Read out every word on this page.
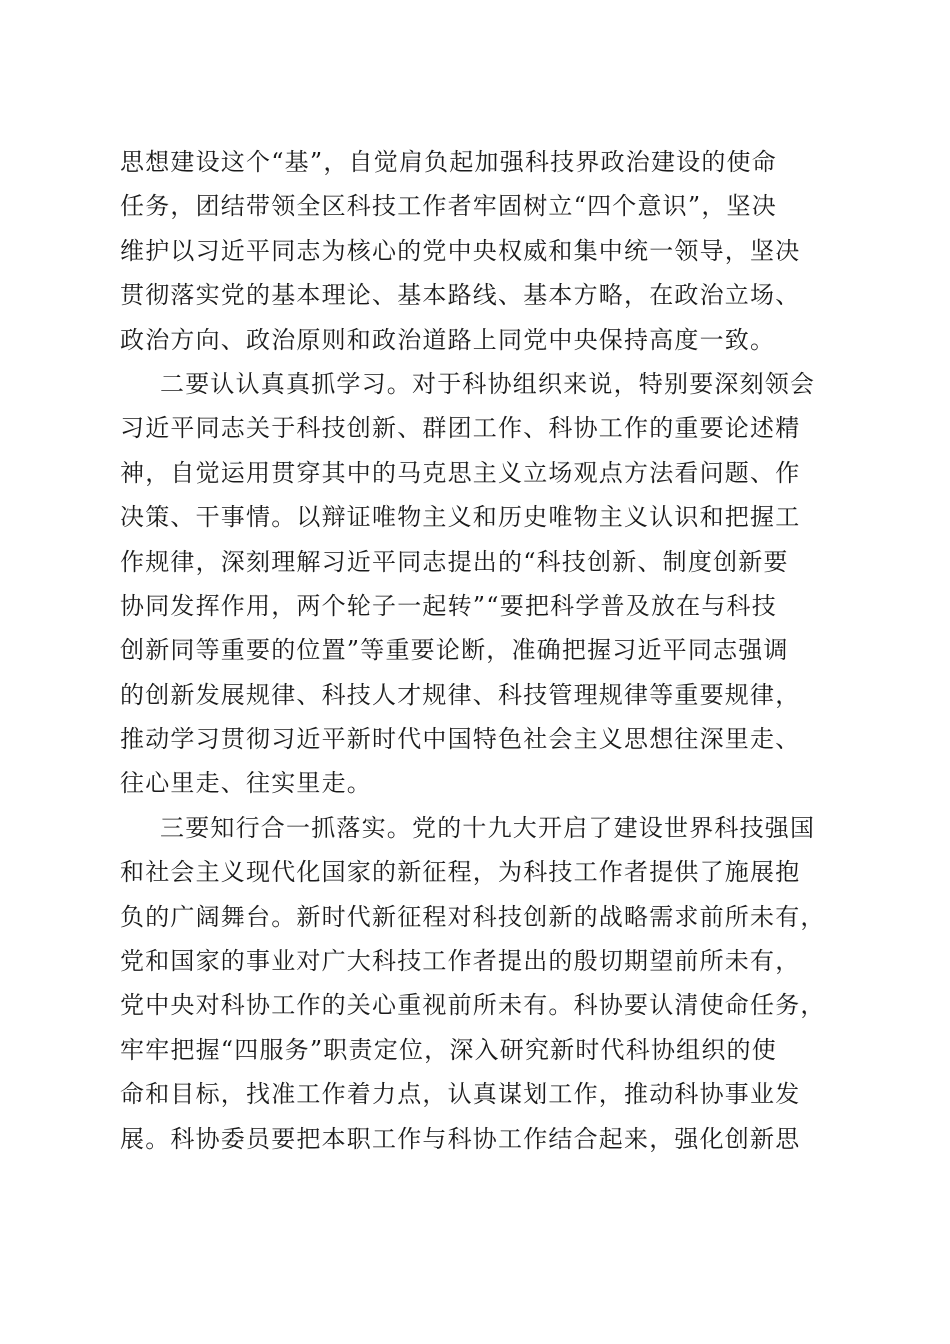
思想建设这个“基”，自觉肩负起加强科技界政治建设的使命
任务，团结带领全区科技工作者牢固树立“四个意识”，坚决
维护以习近平同志为核心的党中央权威和集中统一领导，坚决
贯彻落实党的基本理论、基本路线、基本方略，在政治立场、
政治方向、政治原则和政治道路上同党中央保持高度一致。
二要认认真真抓学习。对于科协组织来说，特别要深刻领会
习近平同志关于科技创新、群团工作、科协工作的重要论述精
神，自觉运用贯穿其中的马克思主义立场观点方法看问题、作
决策、干事情。以辩证唯物主义和历史唯物主义认识和把握工
作规律，深刻理解习近平同志提出的“科技创新、制度创新要
协同发挥作用，两个轮子一起转”“要把科学普及放在与科技
创新同等重要的位置”等重要论断，准确把握习近平同志强调
的创新发展规律、科技人才规律、科技管理规律等重要规律，
推动学习贯彻习近平新时代中国特色社会主义思想往深里走、
往心里走、往实里走。
三要知行合一抓落实。党的十九大开启了建设世界科技强国
和社会主义现代化国家的新征程，为科技工作者提供了施展抱
负的广阔舞台。新时代新征程对科技创新的战略需求前所未有，
党和国家的事业对广大科技工作者提出的殷切期望前所未有，
党中央对科协工作的关心重视前所未有。科协要认清使命任务，
牢牢把握“四服务”职责定位，深入研究新时代科协组织的使
命和目标，找准工作着力点，认真谋划工作，推动科协事业发
展。科协委员要把本职工作与科协工作结合起来，强化创新思
